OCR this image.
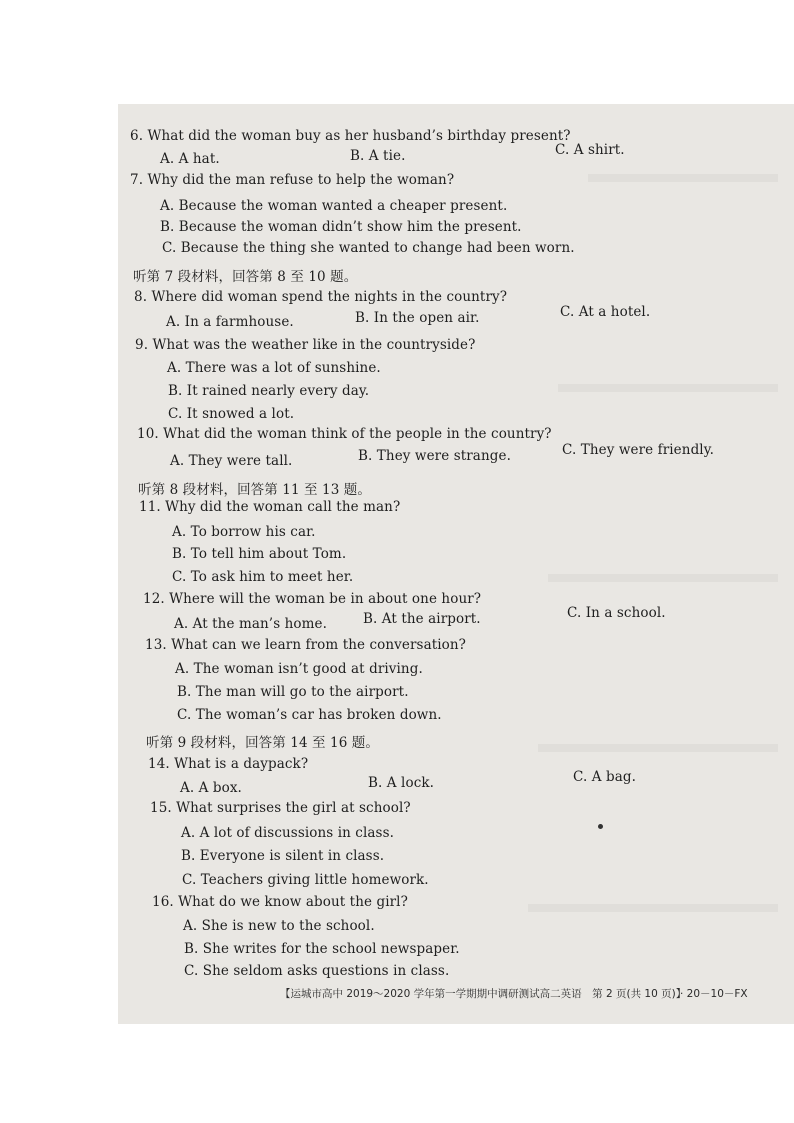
6. What did the woman buy as her husband’s birthday present?
A. A hat.	B. A tie.	C. A shirt.
7. Why did the man refuse to help the woman?
A. Because the woman wanted a cheaper present.
B. Because the woman didn’t show him the present.
C. Because the thing she wanted to change had been worn.
听第 7 段材料，回答第 8 至 10 题。
8. Where did woman spend the nights in the country?
A. In a farmhouse.	B. In the open air.	C. At a hotel.
9. What was the weather like in the countryside?
A. There was a lot of sunshine.
B. It rained nearly every day.
C. It snowed a lot.
10. What did the woman think of the people in the country?
A. They were tall.	B. They were strange.	C. They were friendly.
听第 8 段材料，回答第 11 至 13 题。
11. Why did the woman call the man?
A. To borrow his car.
B. To tell him about Tom.
C. To ask him to meet her.
12. Where will the woman be in about one hour?
A. At the man’s home.	B. At the airport.	C. In a school.
13. What can we learn from the conversation?
A. The woman isn’t good at driving.
B. The man will go to the airport.
C. The woman’s car has broken down.
听第 9 段材料，回答第 14 至 16 题。
14. What is a daypack?
A. A box.	B. A lock.	C. A bag.
15. What surprises the girl at school?
A. A lot of discussions in class.
B. Everyone is silent in class.
C. Teachers giving little homework.
16. What do we know about the girl?
A. She is new to the school.
B. She writes for the school newspaper.
C. She seldom asks questions in class.
【运城市高中 2019～2020 学年第一学期期中调研测试高二英语　第 2 页(共 10 页)】
· 20－10－FX
